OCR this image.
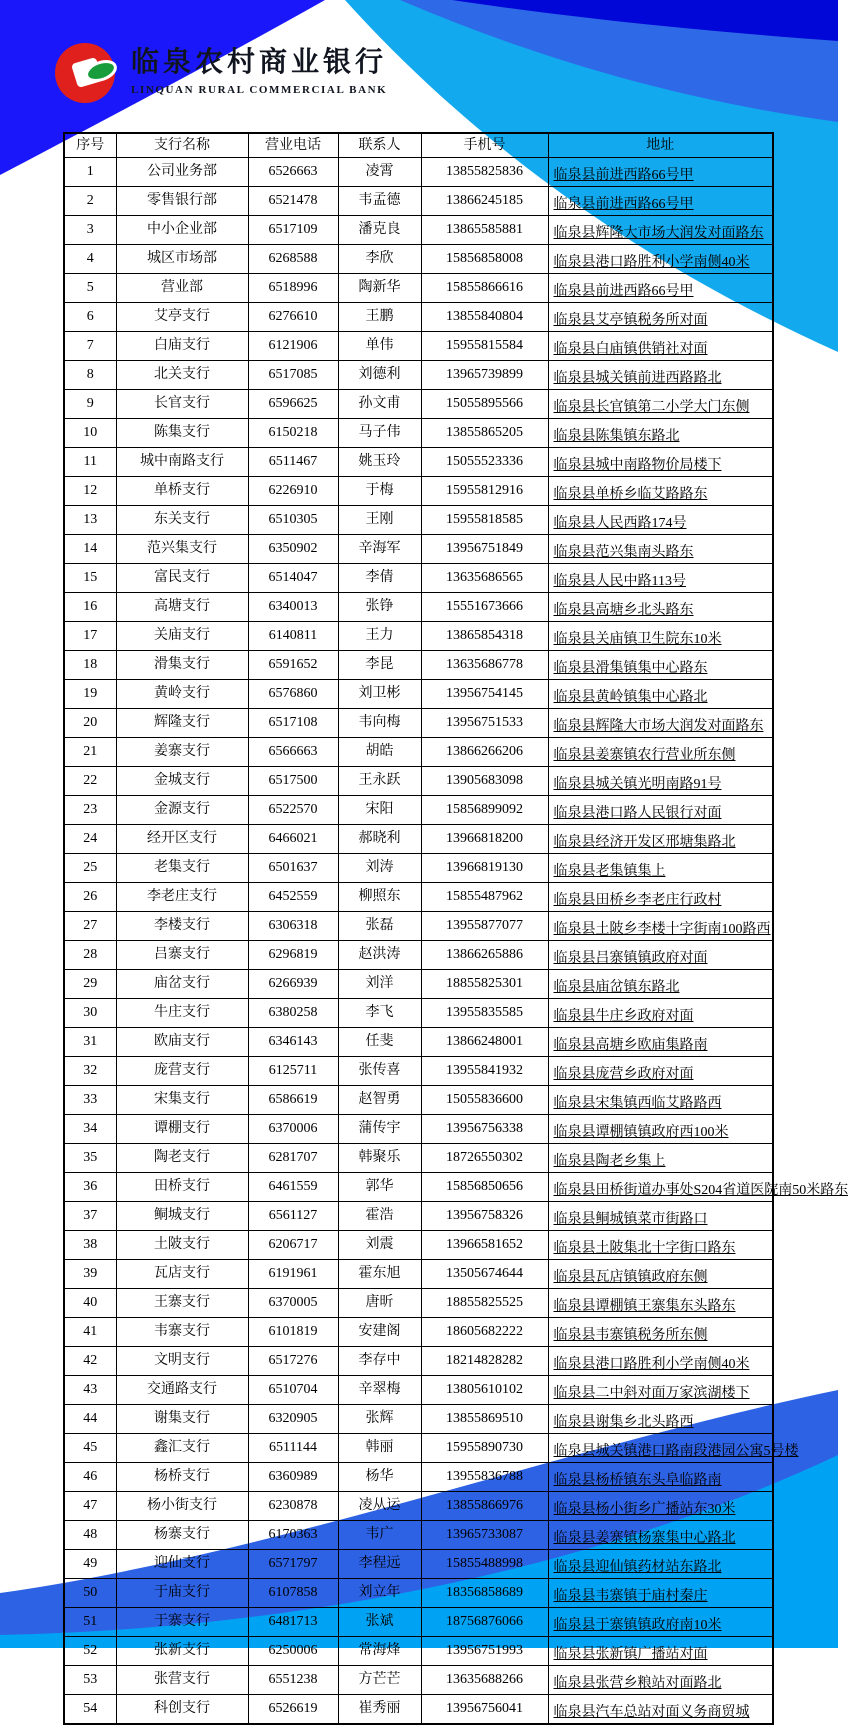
临泉农村商业银行
LINQUAN RURAL COMMERCIAL BANK
序号	支行名称	营业电话	联系人	手机号	地址
1	公司业务部	6526663	凌霄	13855825836	临泉县前进西路66号甲
2	零售银行部	6521478	韦孟德	13866245185	临泉县前进西路66号甲
3	中小企业部	6517109	潘克良	13865585881	临泉县辉隆大市场大润发对面路东
4	城区市场部	6268588	李欣	15856858008	临泉县港口路胜利小学南侧40米
5	营业部	6518996	陶新华	15855866616	临泉县前进西路66号甲
6	艾亭支行	6276610	王鹏	13855840804	临泉县艾亭镇税务所对面
7	白庙支行	6121906	单伟	15955815584	临泉县白庙镇供销社对面
8	北关支行	6517085	刘德利	13965739899	临泉县城关镇前进西路路北
9	长官支行	6596625	孙文甫	15055895566	临泉县长官镇第二小学大门东侧
10	陈集支行	6150218	马子伟	13855865205	临泉县陈集镇东路北
11	城中南路支行	6511467	姚玉玲	15055523336	临泉县城中南路物价局楼下
12	单桥支行	6226910	于梅	15955812916	临泉县单桥乡临艾路路东
13	东关支行	6510305	王刚	15955818585	临泉县人民西路174号
14	范兴集支行	6350902	辛海军	13956751849	临泉县范兴集南头路东
15	富民支行	6514047	李倩	13635686565	临泉县人民中路113号
16	高塘支行	6340013	张铮	15551673666	临泉县高塘乡北头路东
17	关庙支行	6140811	王力	13865854318	临泉县关庙镇卫生院东10米
18	滑集支行	6591652	李昆	13635686778	临泉县滑集镇集中心路东
19	黄岭支行	6576860	刘卫彬	13956754145	临泉县黄岭镇集中心路北
20	辉隆支行	6517108	韦向梅	13956751533	临泉县辉隆大市场大润发对面路东
21	姜寨支行	6566663	胡皓	13866266206	临泉县姜寨镇农行营业所东侧
22	金城支行	6517500	王永跃	13905683098	临泉县城关镇光明南路91号
23	金源支行	6522570	宋阳	15856899092	临泉县港口路人民银行对面
24	经开区支行	6466021	郝晓利	13966818200	临泉县经济开发区邢塘集路北
25	老集支行	6501637	刘涛	13966819130	临泉县老集镇集上
26	李老庄支行	6452559	柳照东	15855487962	临泉县田桥乡李老庄行政村
27	李楼支行	6306318	张磊	13955877077	临泉县土陂乡李楼十字街南100路西
28	吕寨支行	6296819	赵洪涛	13866265886	临泉县吕寨镇镇政府对面
29	庙岔支行	6266939	刘洋	18855825301	临泉县庙岔镇东路北
30	牛庄支行	6380258	李飞	13955835585	临泉县牛庄乡政府对面
31	欧庙支行	6346143	任斐	13866248001	临泉县高塘乡欧庙集路南
32	庞营支行	6125711	张传喜	13955841932	临泉县庞营乡政府对面
33	宋集支行	6586619	赵智勇	15055836600	临泉县宋集镇西临艾路路西
34	谭棚支行	6370006	蒲传宇	13956756338	临泉县谭棚镇镇政府西100米
35	陶老支行	6281707	韩聚乐	18726550302	临泉县陶老乡集上
36	田桥支行	6461559	郭华	15856850656	临泉县田桥街道办事处S204省道医院南50米路东
37	鲖城支行	6561127	霍浩	13956758326	临泉县鲖城镇菜市街路口
38	土陂支行	6206717	刘震	13966581652	临泉县土陂集北十字街口路东
39	瓦店支行	6191961	霍东旭	13505674644	临泉县瓦店镇镇政府东侧
40	王寨支行	6370005	唐昕	18855825525	临泉县谭棚镇王寨集东头路东
41	韦寨支行	6101819	安建阁	18605682222	临泉县韦寨镇税务所东侧
42	文明支行	6517276	李存中	18214828282	临泉县港口路胜利小学南侧40米
43	交通路支行	6510704	辛翠梅	13805610102	临泉县二中斜对面万家滨湖楼下
44	谢集支行	6320905	张辉	13855869510	临泉县谢集乡北头路西
45	鑫汇支行	6511144	韩丽	15955890730	临泉县城关镇港口路南段港园公寓5号楼
46	杨桥支行	6360989	杨华	13955836788	临泉县杨桥镇东头阜临路南
47	杨小街支行	6230878	凌从运	13855866976	临泉县杨小街乡广播站东30米
48	杨寨支行	6170363	韦广	13965733087	临泉县姜寨镇杨寨集中心路北
49	迎仙支行	6571797	李程远	15855488998	临泉县迎仙镇药材站东路北
50	于庙支行	6107858	刘立年	18356858689	临泉县韦寨镇于庙村秦庄
51	于寨支行	6481713	张斌	18756876066	临泉县于寨镇镇政府南10米
52	张新支行	6250006	常海烽	13956751993	临泉县张新镇广播站对面
53	张营支行	6551238	方芒芒	13635688266	临泉县张营乡粮站对面路北
54	科创支行	6526619	崔秀丽	13956756041	临泉县汽车总站对面义务商贸城
